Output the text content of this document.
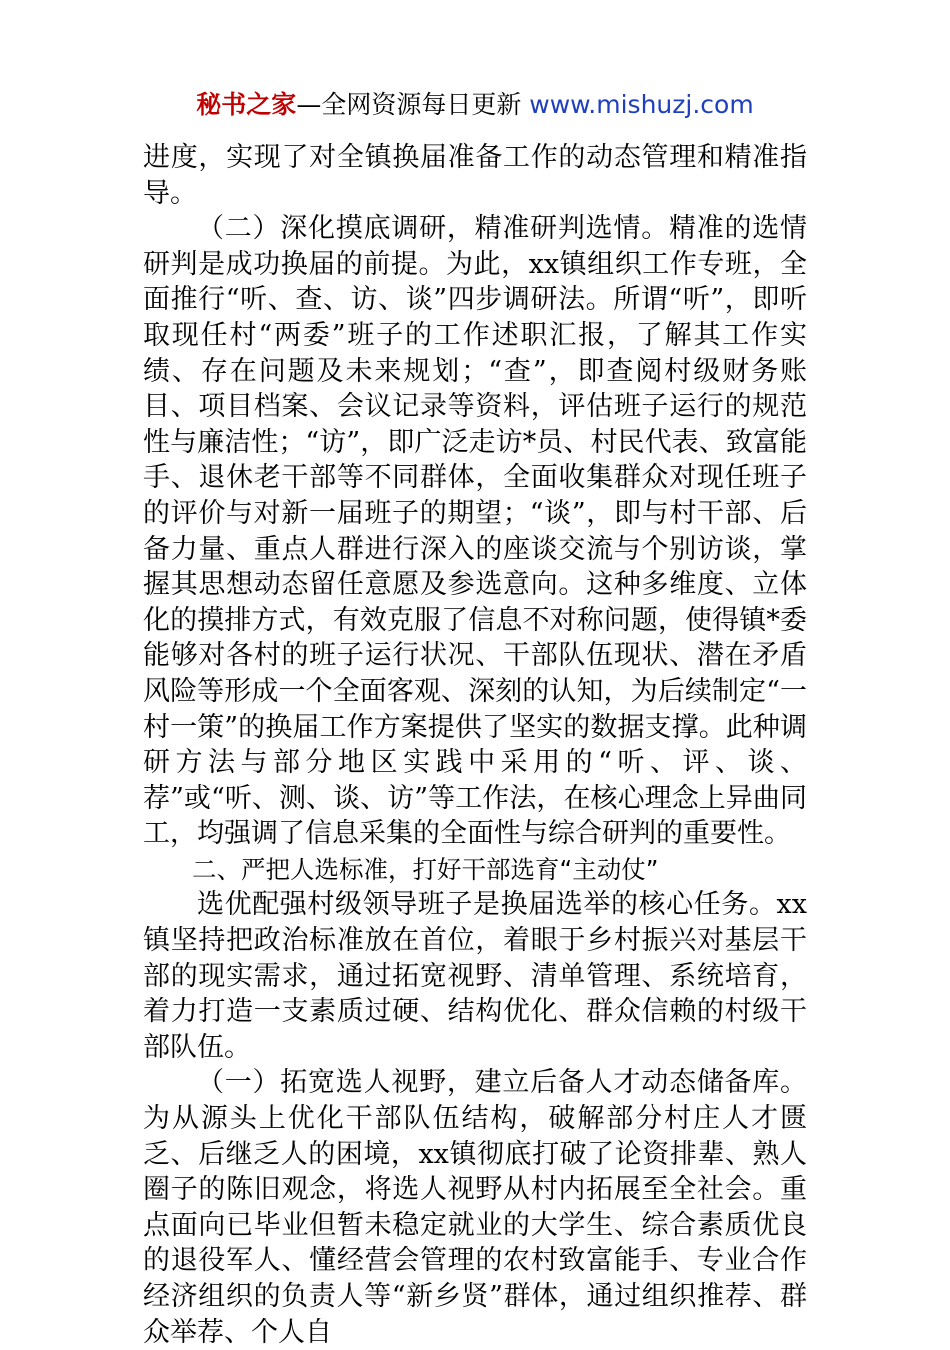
秘书之家—全网资源每日更新 www.mishuzj.com

进度，实现了对全镇换届准备工作的动态管理和精准指导。

（二）深化摸底调研，精准研判选情。精准的选情研判是成功换届的前提。为此，xx镇组织工作专班，全面推行“听、查、访、谈”四步调研法。所谓“听”，即听取现任村“两委”班子的工作述职汇报，了解其工作实绩、存在问题及未来规划；“查”，即查阅村级财务账目、项目档案、会议记录等资料，评估班子运行的规范性与廉洁性；“访”，即广泛走访*员、村民代表、致富能手、退休老干部等不同群体，全面收集群众对现任班子的评价与对新一届班子的期望；“谈”，即与村干部、后备力量、重点人群进行深入的座谈交流与个别访谈，掌握其思想动态留任意愿及参选意向。这种多维度、立体化的摸排方式，有效克服了信息不对称问题，使得镇*委能够对各村的班子运行状况、干部队伍现状、潜在矛盾风险等形成一个全面客观、深刻的认知，为后续制定“一村一策”的换届工作方案提供了坚实的数据支撑。此种调研方法与部分地区实践中采用的“听、评、谈、荐”或“听、测、谈、访”等工作法，在核心理念上异曲同工，均强调了信息采集的全面性与综合研判的重要性。

二、严把人选标准，打好干部选育“主动仗”

选优配强村级领导班子是换届选举的核心任务。xx镇坚持把政治标准放在首位，着眼于乡村振兴对基层干部的现实需求，通过拓宽视野、清单管理、系统培育，着力打造一支素质过硬、结构优化、群众信赖的村级干部队伍。

（一）拓宽选人视野，建立后备人才动态储备库。为从源头上优化干部队伍结构，破解部分村庄人才匮乏、后继乏人的困境，xx镇彻底打破了论资排辈、熟人圈子的陈旧观念，将选人视野从村内拓展至全社会。重点面向已毕业但暂未稳定就业的大学生、综合素质优良的退役军人、懂经营会管理的农村致富能手、专业合作经济组织的负责人等“新乡贤”群体，通过组织推荐、群众举荐、个人自
